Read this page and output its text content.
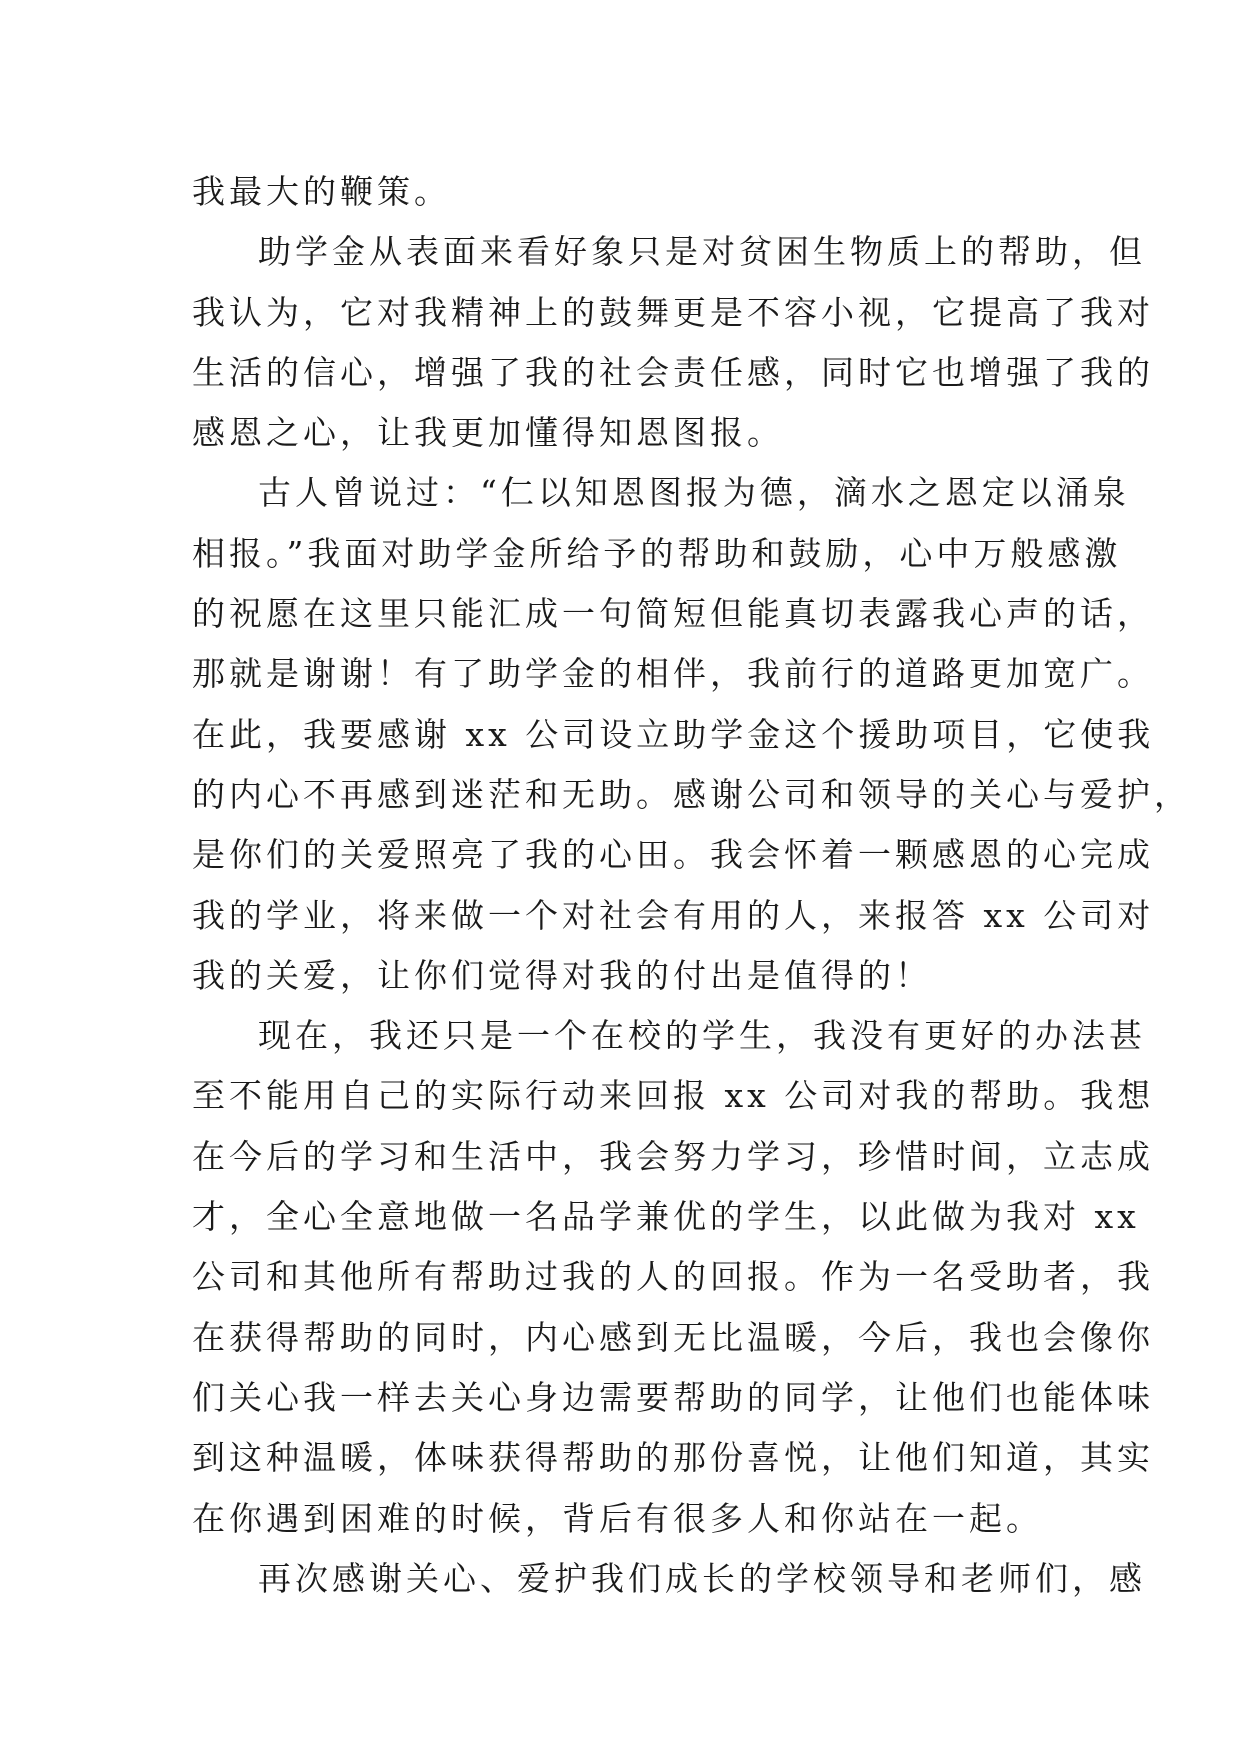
我最大的鞭策。
助学金从表面来看好象只是对贫困生物质上的帮助，但
我认为，它对我精神上的鼓舞更是不容小视，它提高了我对
生活的信心，增强了我的社会责任感，同时它也增强了我的
感恩之心，让我更加懂得知恩图报。
古人曾说过：“仁以知恩图报为德，滴水之恩定以涌泉
相报。”我面对助学金所给予的帮助和鼓励，心中万般感激
的祝愿在这里只能汇成一句简短但能真切表露我心声的话，
那就是谢谢！有了助学金的相伴，我前行的道路更加宽广。
在此，我要感谢 xx 公司设立助学金这个援助项目，它使我
的内心不再感到迷茫和无助。感谢公司和领导的关心与爱护，
是你们的关爱照亮了我的心田。我会怀着一颗感恩的心完成
我的学业，将来做一个对社会有用的人，来报答 xx 公司对
我的关爱，让你们觉得对我的付出是值得的！
现在，我还只是一个在校的学生，我没有更好的办法甚
至不能用自己的实际行动来回报 xx 公司对我的帮助。我想
在今后的学习和生活中，我会努力学习，珍惜时间，立志成
才，全心全意地做一名品学兼优的学生，以此做为我对 xx
公司和其他所有帮助过我的人的回报。作为一名受助者，我
在获得帮助的同时，内心感到无比温暖，今后，我也会像你
们关心我一样去关心身边需要帮助的同学，让他们也能体味
到这种温暖，体味获得帮助的那份喜悦，让他们知道，其实
在你遇到困难的时候，背后有很多人和你站在一起。
再次感谢关心、爱护我们成长的学校领导和老师们，感
